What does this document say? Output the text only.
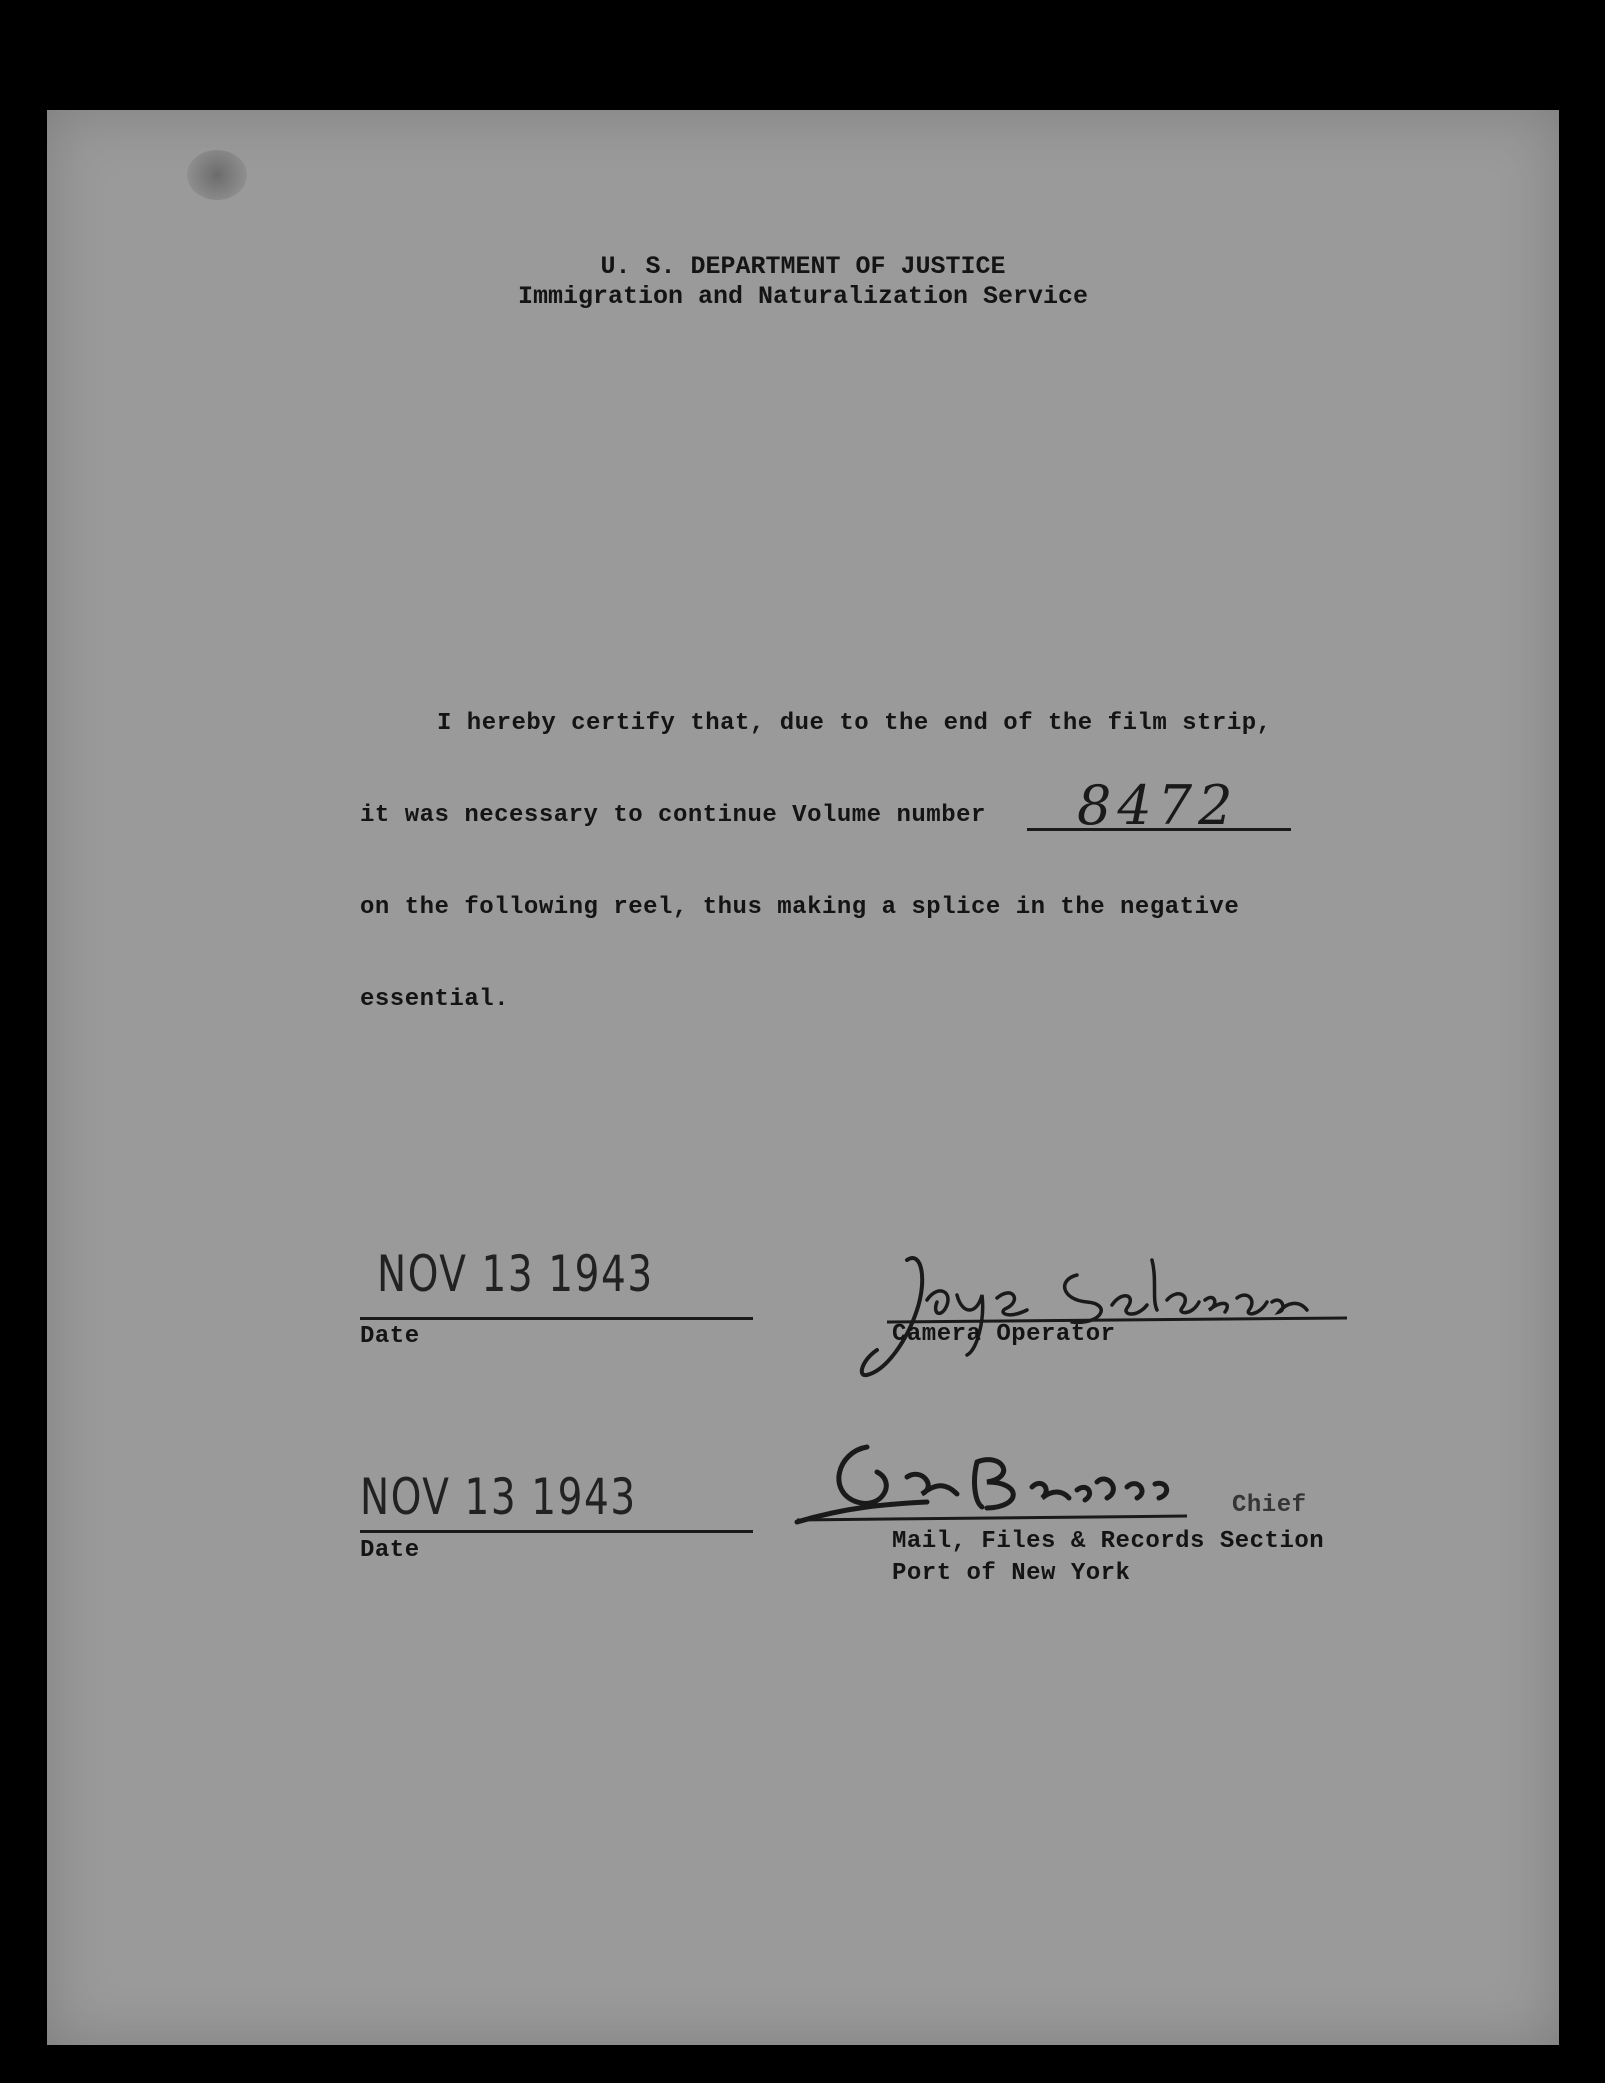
U. S. DEPARTMENT OF JUSTICE
Immigration and Naturalization Service
I hereby certify that, due to the end of the film strip,
it was necessary to continue Volume number 8472
on the following reel, thus making a splice in the negative
essential.
NOV 13 1943
Date	Camera Operator
NOV 13 1943
Date
Chief
Mail, Files & Records Section
Port of New York
